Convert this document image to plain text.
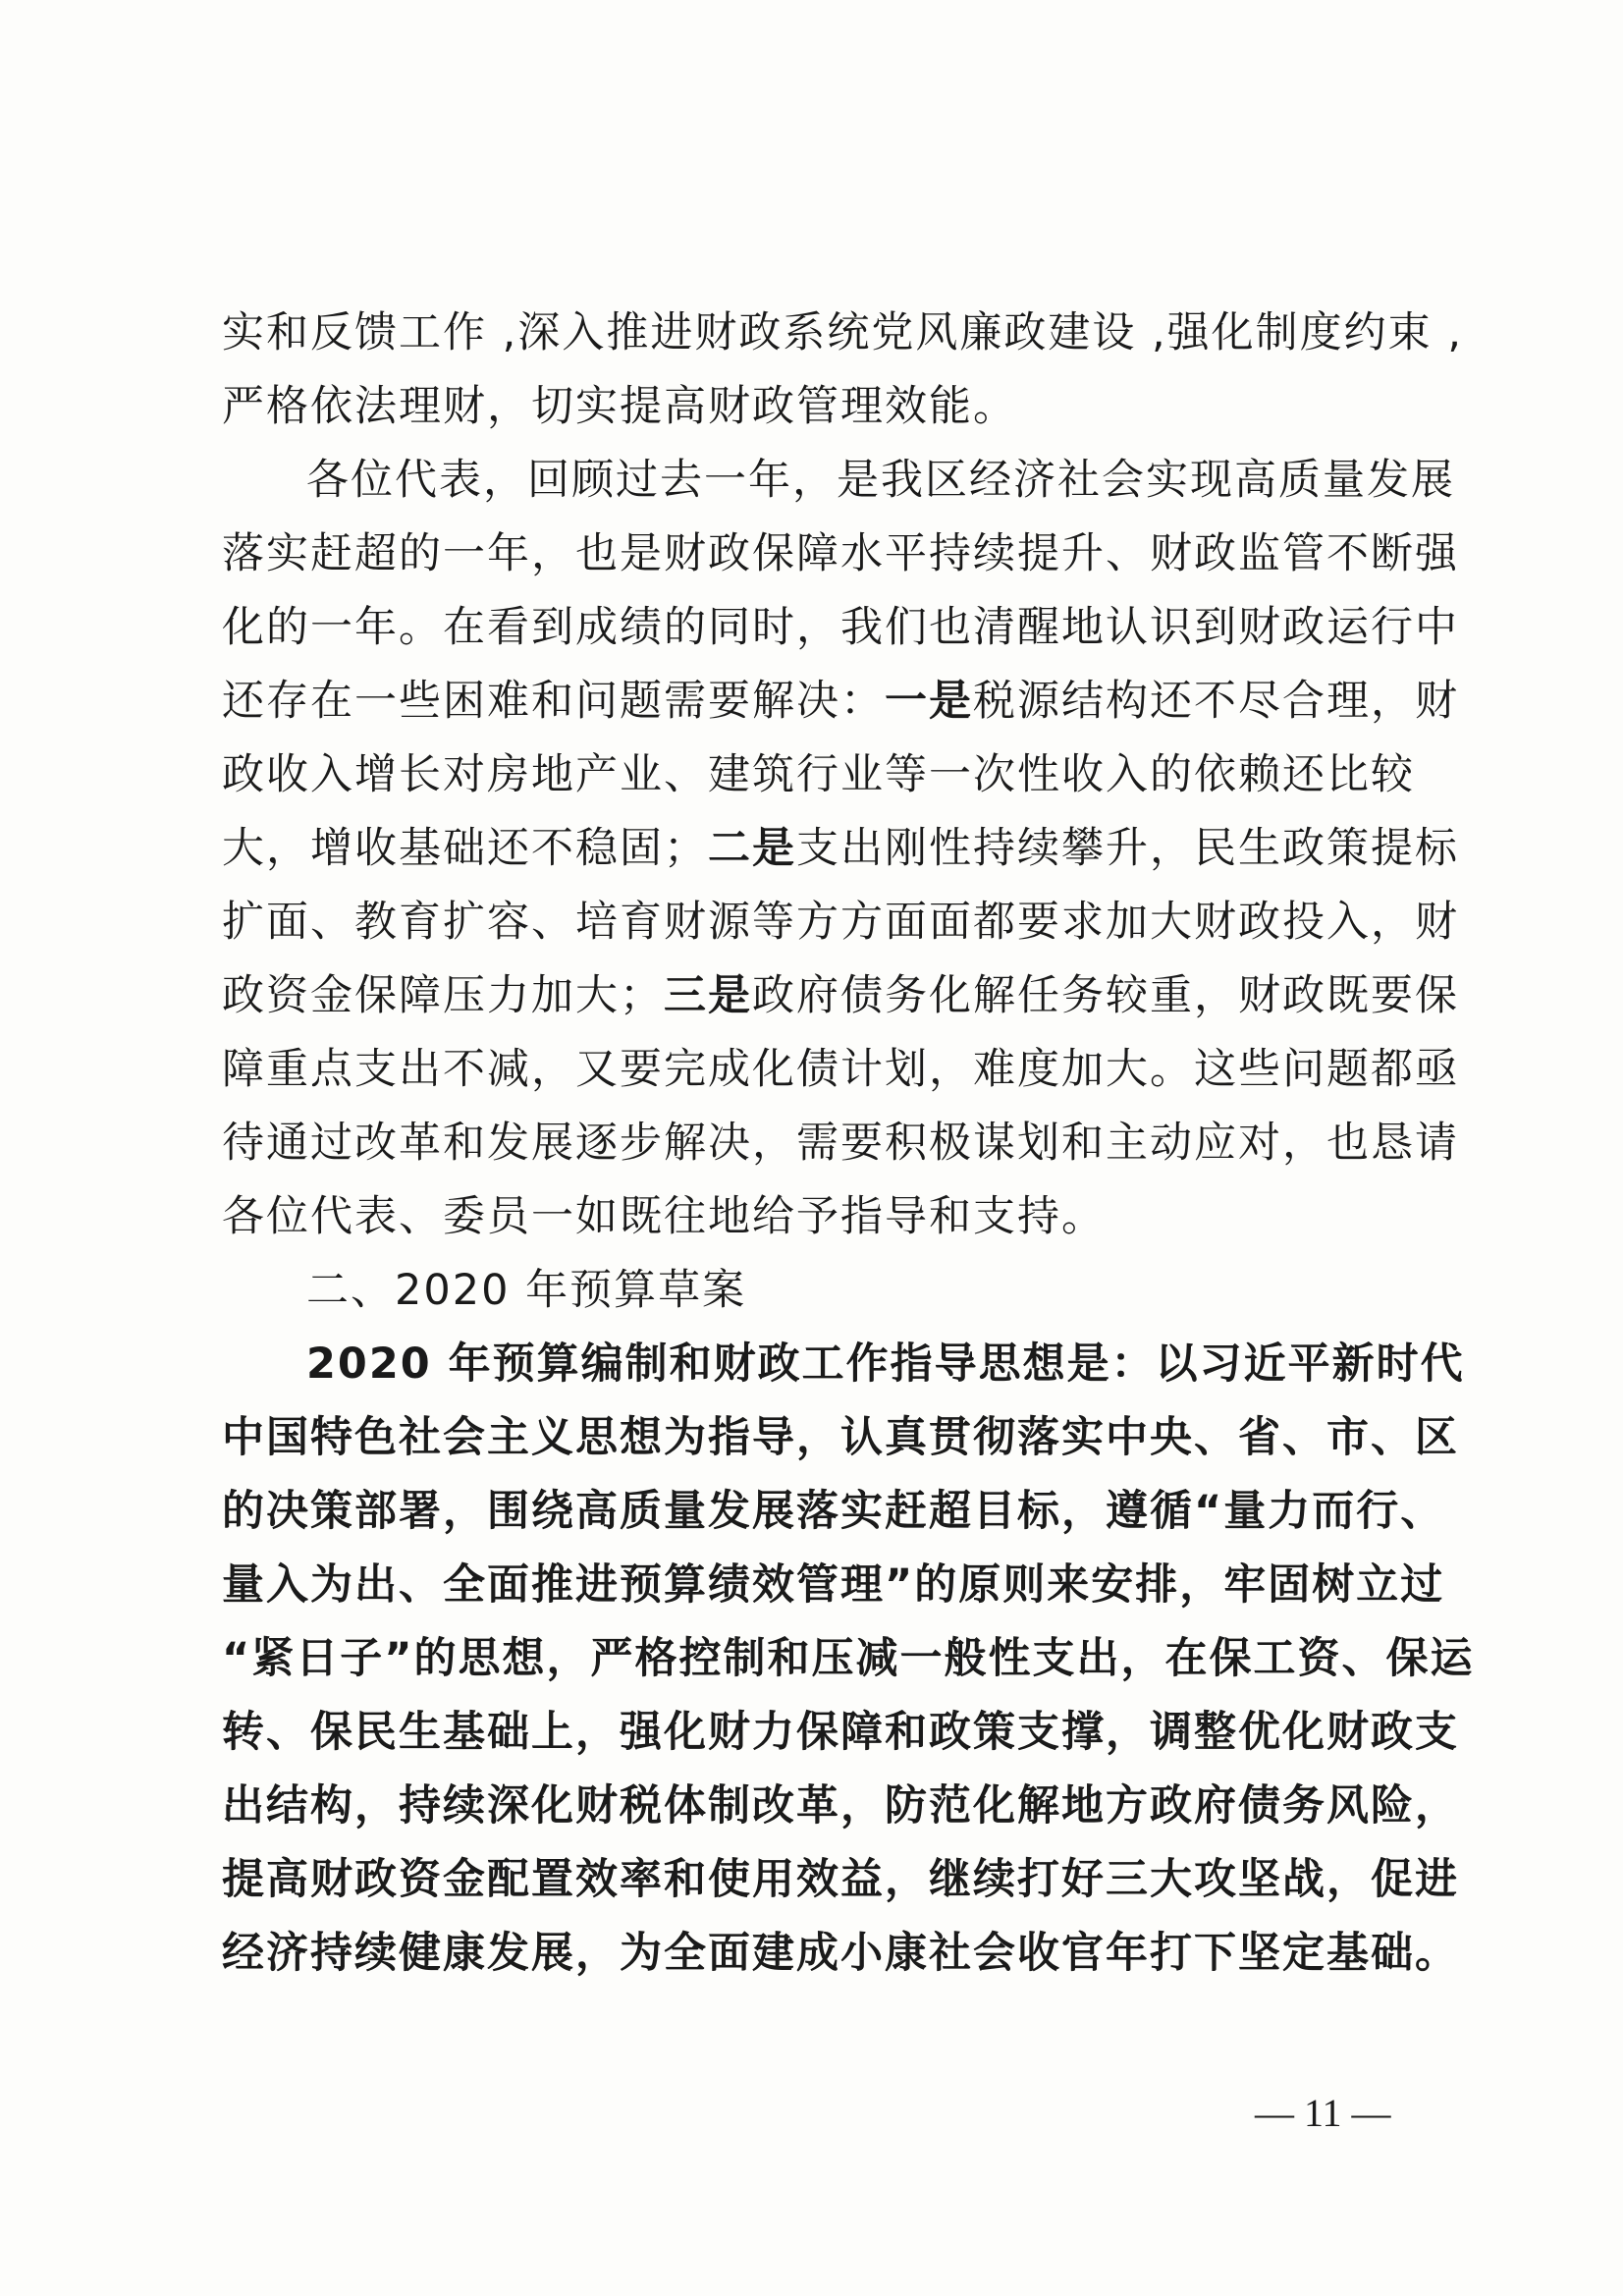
实和反馈工作 ,深入推进财政系统党风廉政建设 ,强化制度约束 ,
严格依法理财，切实提高财政管理效能。
各位代表，回顾过去一年，是我区经济社会实现高质量发展
落实赶超的一年，也是财政保障水平持续提升、财政监管不断强
化的一年。在看到成绩的同时，我们也清醒地认识到财政运行中
还存在一些困难和问题需要解决：一是税源结构还不尽合理，财
政收入增长对房地产业、建筑行业等一次性收入的依赖还比较
大，增收基础还不稳固；二是支出刚性持续攀升，民生政策提标
扩面、教育扩容、培育财源等方方面面都要求加大财政投入，财
政资金保障压力加大；三是政府债务化解任务较重，财政既要保
障重点支出不减，又要完成化债计划，难度加大。这些问题都亟
待通过改革和发展逐步解决，需要积极谋划和主动应对，也恳请
各位代表、委员一如既往地给予指导和支持。
二、2020 年预算草案
2020 年预算编制和财政工作指导思想是：以习近平新时代
中国特色社会主义思想为指导，认真贯彻落实中央、省、市、区
的决策部署，围绕高质量发展落实赶超目标，遵循“量力而行、
量入为出、全面推进预算绩效管理”的原则来安排，牢固树立过
“紧日子”的思想，严格控制和压减一般性支出，在保工资、保运
转、保民生基础上，强化财力保障和政策支撑，调整优化财政支
出结构，持续深化财税体制改革，防范化解地方政府债务风险，
提高财政资金配置效率和使用效益，继续打好三大攻坚战，促进
经济持续健康发展，为全面建成小康社会收官年打下坚定基础。
— 11 —
